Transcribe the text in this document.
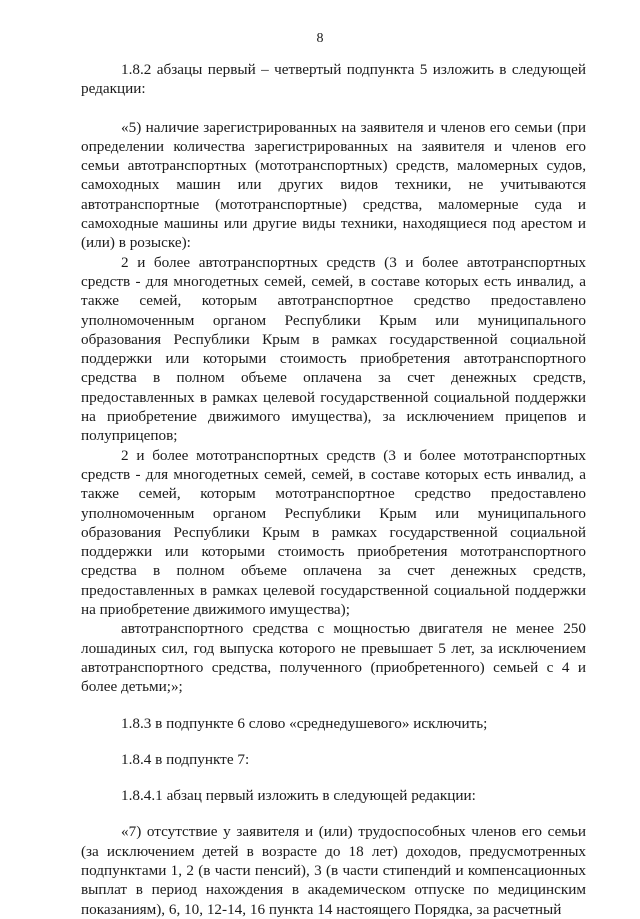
8

1.8.2 абзацы первый – четвертый подпункта 5 изложить в следующей редакции:

«5) наличие зарегистрированных на заявителя и членов его семьи (при определении количества зарегистрированных на заявителя и членов его семьи автотранспортных (мототранспортных) средств, маломерных судов, самоходных машин или других видов техники, не учитываются автотранспортные (мототранспортные) средства, маломерные суда и самоходные машины или другие виды техники, находящиеся под арестом и (или) в розыске):

2 и более автотранспортных средств (3 и более автотранспортных средств - для многодетных семей, семей, в составе которых есть инвалид, а также семей, которым автотранспортное средство предоставлено уполномоченным органом Республики Крым или муниципального образования Республики Крым в рамках государственной социальной поддержки или которыми стоимость приобретения автотранспортного средства в полном объеме оплачена за счет денежных средств, предоставленных в рамках целевой государственной социальной поддержки на приобретение движимого имущества), за исключением прицепов и полуприцепов;

2 и более мототранспортных средств (3 и более мототранспортных средств - для многодетных семей, семей, в составе которых есть инвалид, а также семей, которым мототранспортное средство предоставлено уполномоченным органом Республики Крым или муниципального образования Республики Крым в рамках государственной социальной поддержки или которыми стоимость приобретения мототранспортного средства в полном объеме оплачена за счет денежных средств, предоставленных в рамках целевой государственной социальной поддержки на приобретение движимого имущества);

автотранспортного средства с мощностью двигателя не менее 250 лошадиных сил, год выпуска которого не превышает 5 лет, за исключением автотранспортного средства, полученного (приобретенного) семьей с 4 и более детьми;»;

1.8.3 в подпункте 6 слово «среднедушевого» исключить;

1.8.4 в подпункте 7:

1.8.4.1 абзац первый изложить в следующей редакции:

«7) отсутствие у заявителя и (или) трудоспособных членов его семьи (за исключением детей в возрасте до 18 лет) доходов, предусмотренных подпунктами 1, 2 (в части пенсий), 3 (в части стипендий и компенсационных выплат в период нахождения в академическом отпуске по медицинским показаниям), 6, 10, 12-14, 16 пункта 14 настоящего Порядка, за расчетный
